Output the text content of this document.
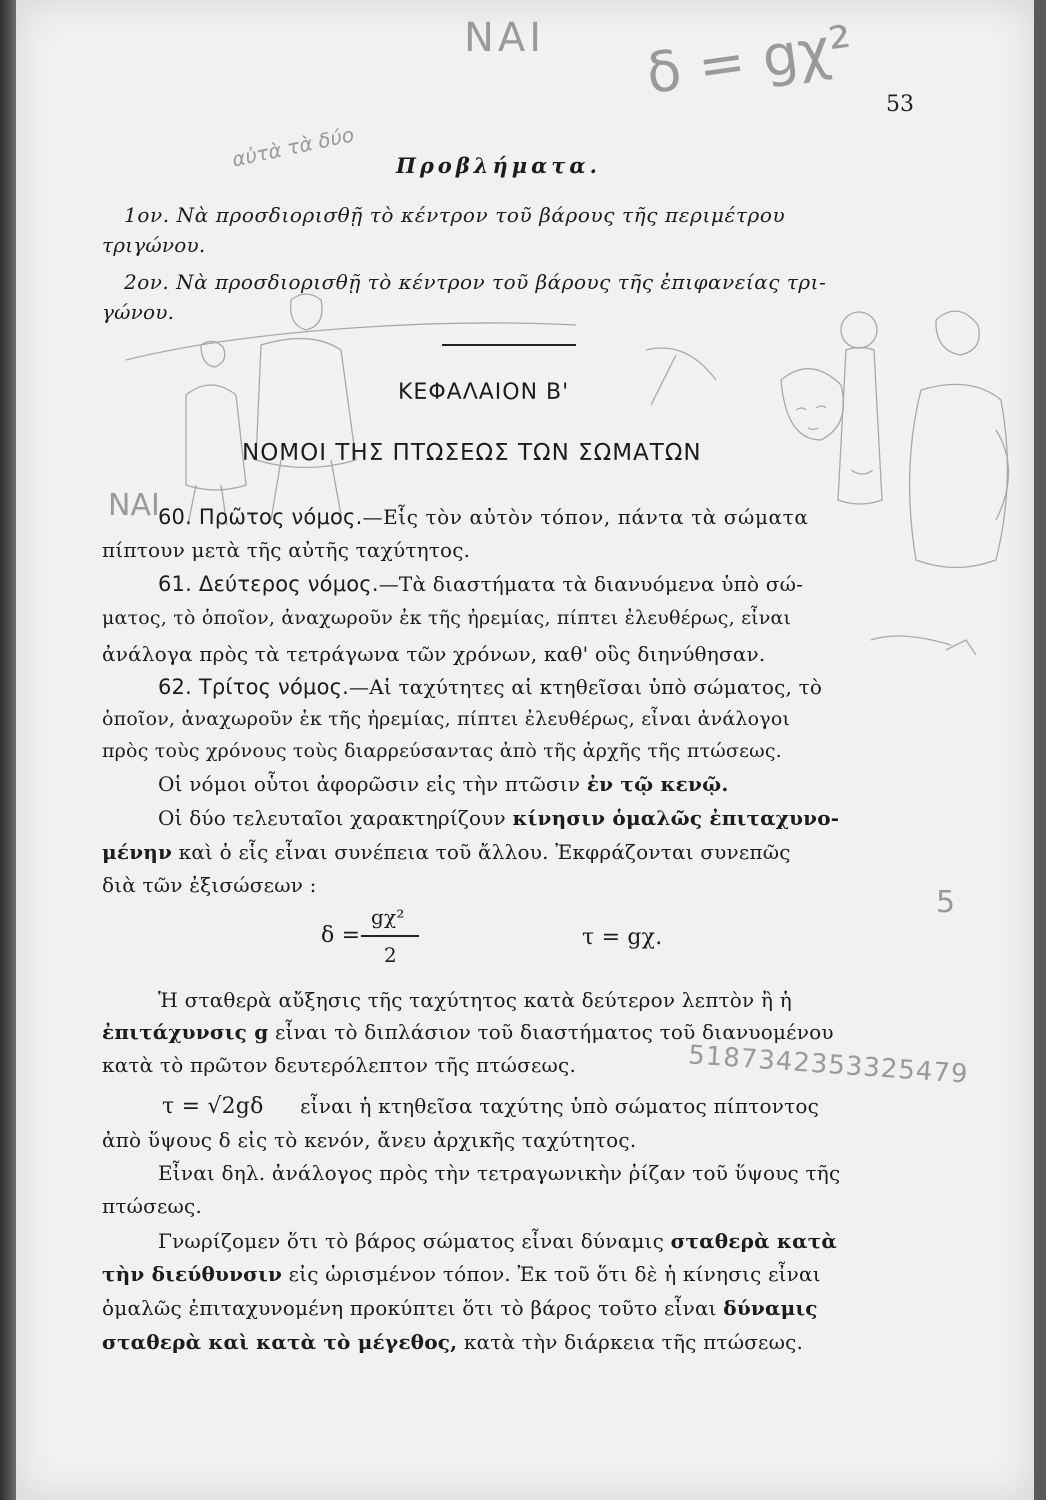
ΝΑΙ δ = gχ²
αὐτὰ τὰ δύο
ΝΑΙ
5
5187342353325479
53
Προβλήματα.
1ον. Νὰ προσδιορισθῇ τὸ κέντρον τοῦ βάρους τῆς περιμέτρου
τριγώνου.
2ον. Νὰ προσδιορισθῇ τὸ κέντρον τοῦ βάρους τῆς ἐπιφανείας τρι-
γώνου.
ΚΕΦΑΛΑΙΟΝ Β'
ΝΟΜΟΙ ΤΗΣ ΠΤΩΣΕΩΣ ΤΩΝ ΣΩΜΑΤΩΝ
60. Πρῶτος νόμος.—Εἷς τὸν αὐτὸν τόπον, πάντα τὰ σώματα
πίπτουν μετὰ τῆς αὐτῆς ταχύτητος.
61. Δεύτερος νόμος.—Τὰ διαστήματα τὰ διανυόμενα ὑπὸ σώ-
ματος, τὸ ὁποῖον, ἀναχωροῦν ἐκ τῆς ἠρεμίας, πίπτει ἐλευθέρως, εἶναι
ἀνάλογα πρὸς τὰ τετράγωνα τῶν χρόνων, καθ' οὓς διηνύθησαν.
62. Τρίτος νόμος.—Αἱ ταχύτητες αἱ κτηθεῖσαι ὑπὸ σώματος, τὸ
ὁποῖον, ἀναχωροῦν ἐκ τῆς ἠρεμίας, πίπτει ἐλευθέρως, εἶναι ἀνάλογοι
πρὸς τοὺς χρόνους τοὺς διαρρεύσαντας ἀπὸ τῆς ἀρχῆς τῆς πτώσεως.
Οἱ νόμοι οὗτοι ἀφορῶσιν εἰς τὴν πτῶσιν ἐν τῷ κενῷ.
Οἱ δύο τελευταῖοι χαρακτηρίζουν κίνησιν ὁμαλῶς ἐπιταχυνο-
μένην καὶ ὁ εἷς εἶναι συνέπεια τοῦ ἄλλου. Ἐκφράζονται συνεπῶς
διὰ τῶν ἐξισώσεων :
δ =
gχ²
2
τ = gχ.
Ἡ σταθερὰ αὔξησις τῆς ταχύτητος κατὰ δεύτερον λεπτὸν ἢ ἡ
ἐπιτάχυνσις g εἶναι τὸ διπλάσιον τοῦ διαστήματος τοῦ διανυομένου
κατὰ τὸ πρῶτον δευτερόλεπτον τῆς πτώσεως.
τ = √2gδ εἶναι ἡ κτηθεῖσα ταχύτης ὑπὸ σώματος πίπτοντος
ἀπὸ ὕψους δ εἰς τὸ κενόν, ἄνευ ἀρχικῆς ταχύτητος.
Εἶναι δηλ. ἀνάλογος πρὸς τὴν τετραγωνικὴν ῥίζαν τοῦ ὕψους τῆς
πτώσεως.
Γνωρίζομεν ὅτι τὸ βάρος σώματος εἶναι δύναμις σταθερὰ κατὰ
τὴν διεύθυνσιν εἰς ὡρισμένον τόπον. Ἐκ τοῦ ὅτι δὲ ἡ κίνησις εἶναι
ὁμαλῶς ἐπιταχυνομένη προκύπτει ὅτι τὸ βάρος τοῦτο εἶναι δύναμις
σταθερὰ καὶ κατὰ τὸ μέγεθος, κατὰ τὴν διάρκεια τῆς πτώσεως.
